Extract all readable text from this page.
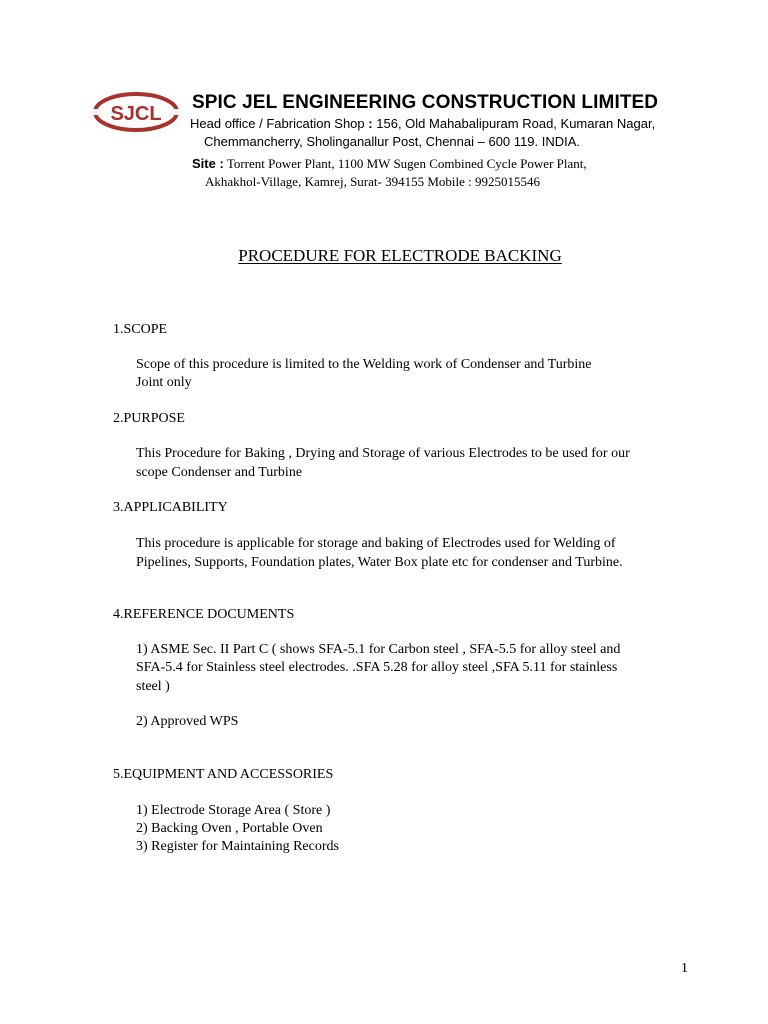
SJCL
SPIC JEL ENGINEERING CONSTRUCTION LIMITED
Head office / Fabrication Shop : 156, Old Mahabalipuram Road, Kumaran Nagar,
Chemmancherry, Sholinganallur Post, Chennai – 600 119. INDIA.
Site : Torrent Power Plant, 1100 MW Sugen Combined Cycle Power Plant,
Akhakhol-Village, Kamrej, Surat- 394155 Mobile : 9925015546
PROCEDURE FOR ELECTRODE BACKING
1.SCOPE
Scope of this procedure is limited to the Welding work of Condenser and Turbine
Joint only
2.PURPOSE
This Procedure for Baking , Drying and Storage of various Electrodes to be used for our
scope Condenser and Turbine
3.APPLICABILITY
This procedure is applicable for storage and baking of Electrodes used for Welding of
Pipelines, Supports, Foundation plates, Water Box plate etc for condenser and Turbine.
4.REFERENCE DOCUMENTS
1) ASME Sec. II Part C ( shows SFA-5.1 for Carbon steel , SFA-5.5 for alloy steel and
SFA-5.4 for Stainless steel electrodes. .SFA 5.28 for alloy steel ,SFA 5.11 for stainless
steel )
2) Approved WPS
5.EQUIPMENT AND ACCESSORIES
1) Electrode Storage Area ( Store )
2) Backing Oven , Portable Oven
3) Register for Maintaining Records
1
